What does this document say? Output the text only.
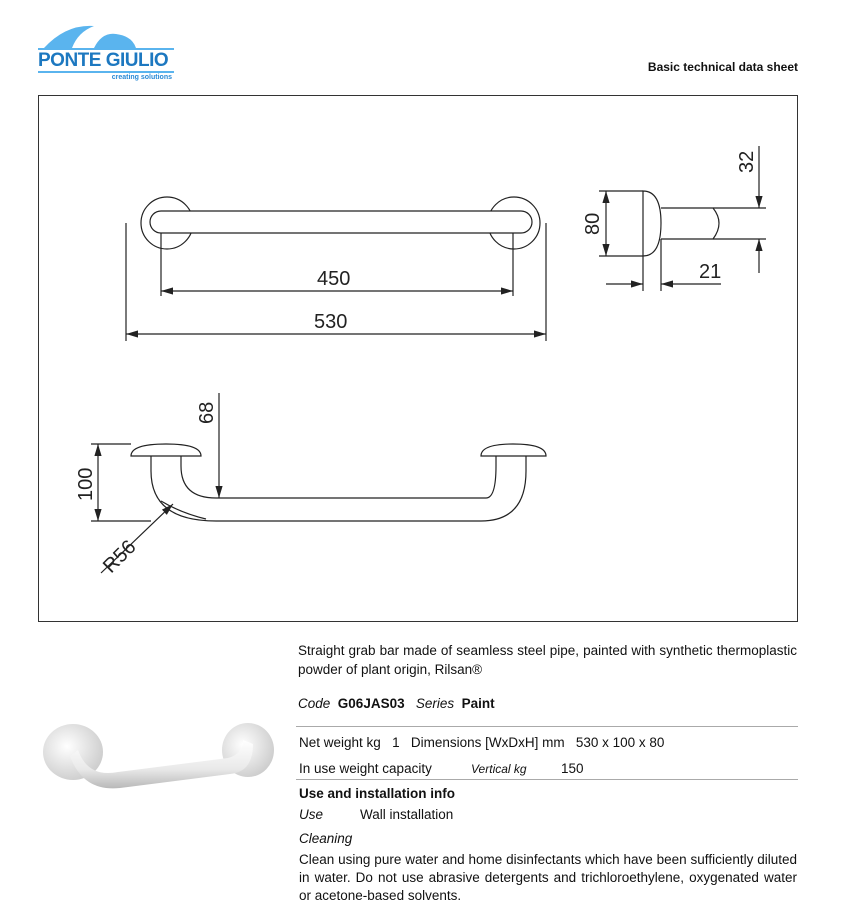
PONTE GIULIO
creating solutions
Basic technical data sheet
450
530
21
80
32
68
100
R56
Straight grab bar made of seamless steel pipe, painted with synthetic thermoplastic powder of plant origin, Rilsan®
Code G06JAS03 Series Paint
Net weight kg 1 Dimensions [WxDxH] mm 530 x 100 x 80
In use weight capacity	Vertical kg	150
Use and installation info
Use	Wall installation
Cleaning
Clean using pure water and home disinfectants which have been sufficiently diluted in water. Do not use abrasive detergents and trichloroethylene, oxygenated water or acetone-based solvents.
